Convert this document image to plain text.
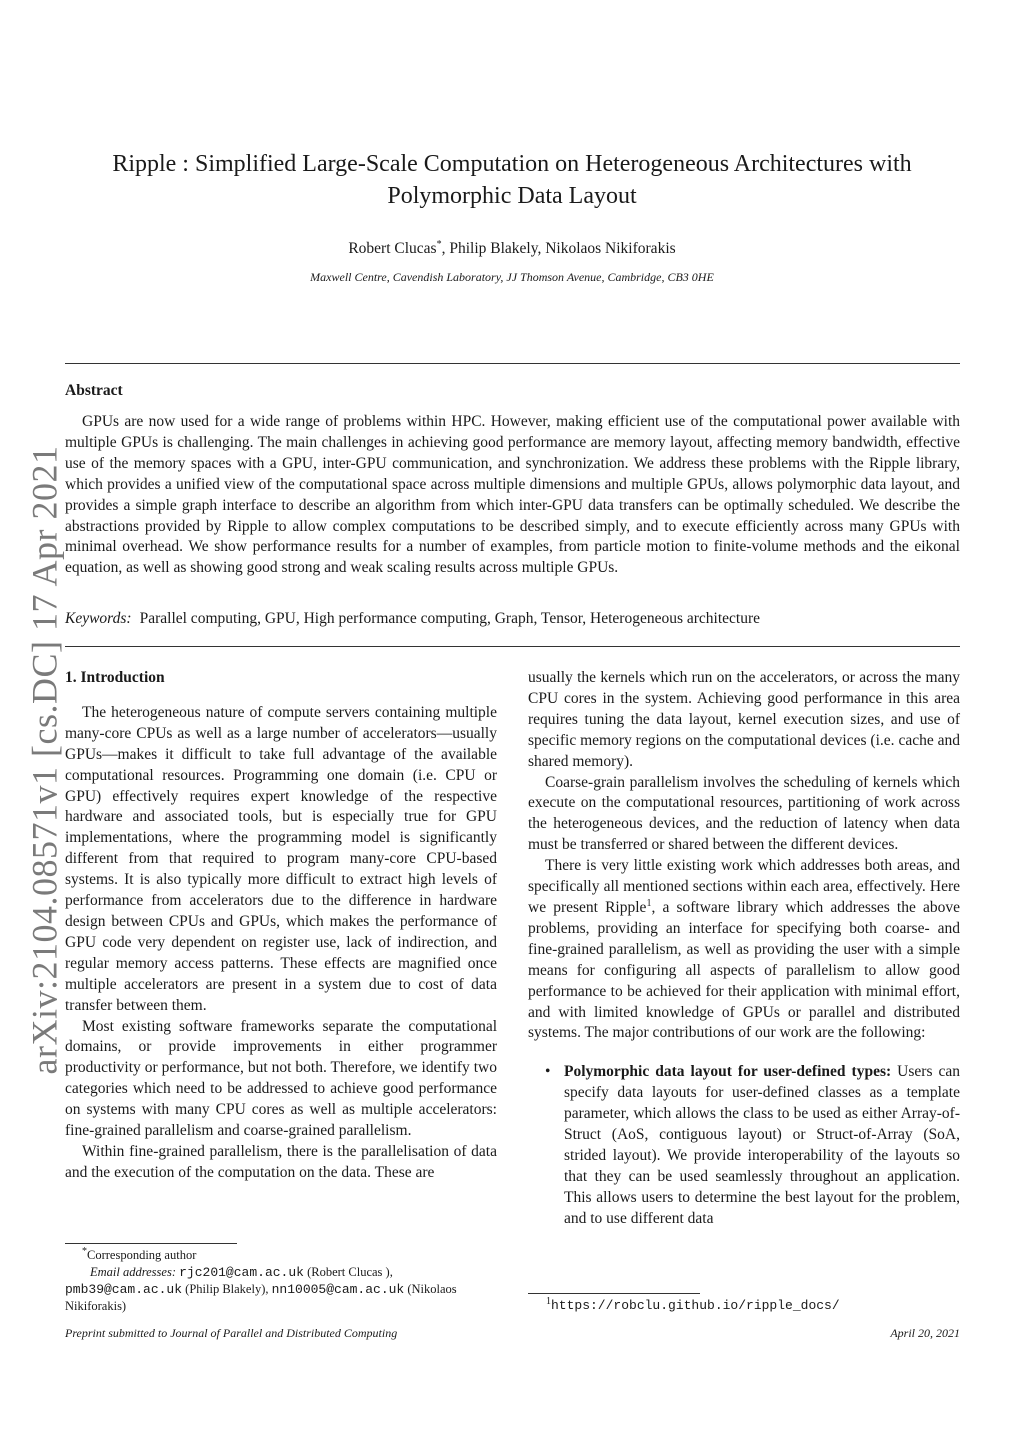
arXiv:2104.08571v1 [cs.DC] 17 Apr 2021
Ripple : Simplified Large-Scale Computation on Heterogeneous Architectures with
Polymorphic Data Layout
Robert Clucas*, Philip Blakely, Nikolaos Nikiforakis
Maxwell Centre, Cavendish Laboratory, JJ Thomson Avenue, Cambridge, CB3 0HE
Abstract
GPUs are now used for a wide range of problems within HPC. However, making efficient use of the computational power available with multiple GPUs is challenging. The main challenges in achieving good performance are memory layout, affecting memory bandwidth, effective use of the memory spaces with a GPU, inter-GPU communication, and synchronization. We address these problems with the Ripple library, which provides a unified view of the computational space across multiple dimensions and multiple GPUs, allows polymorphic data layout, and provides a simple graph interface to describe an algorithm from which inter-GPU data transfers can be optimally scheduled. We describe the abstractions provided by Ripple to allow complex computations to be described simply, and to execute efficiently across many GPUs with minimal overhead. We show performance results for a number of examples, from particle motion to finite-volume methods and the eikonal equation, as well as showing good strong and weak scaling results across multiple GPUs.
Keywords: Parallel computing, GPU, High performance computing, Graph, Tensor, Heterogeneous architecture

1. Introduction

The heterogeneous nature of compute servers containing multiple many-core CPUs as well as a large number of accelerators—usually GPUs—makes it difficult to take full advantage of the available computational resources. Programming one domain (i.e. CPU or GPU) effectively requires expert knowledge of the respective hardware and associated tools, but is especially true for GPU implementations, where the programming model is significantly different from that required to program many-core CPU-based systems. It is also typically more difficult to extract high levels of performance from accelerators due to the difference in hardware design between CPUs and GPUs, which makes the performance of GPU code very dependent on register use, lack of indirection, and regular memory access patterns. These effects are magnified once multiple accelerators are present in a system due to cost of data transfer between them.

Most existing software frameworks separate the computational domains, or provide improvements in either programmer productivity or performance, but not both. Therefore, we identify two categories which need to be addressed to achieve good performance on systems with many CPU cores as well as multiple accelerators: fine-grained parallelism and coarse-grained parallelism.

Within fine-grained parallelism, there is the parallelisation of data and the execution of the computation on the data. These are

usually the kernels which run on the accelerators, or across the many CPU cores in the system. Achieving good performance in this area requires tuning the data layout, kernel execution sizes, and use of specific memory regions on the computational devices (i.e. cache and shared memory).

Coarse-grain parallelism involves the scheduling of kernels which execute on the computational resources, partitioning of work across the heterogeneous devices, and the reduction of latency when data must be transferred or shared between the different devices.

There is very little existing work which addresses both areas, and specifically all mentioned sections within each area, effectively. Here we present Ripple$^1$, a software library which addresses the above problems, providing an interface for specifying both coarse- and fine-grained parallelism, as well as providing the user with a simple means for configuring all aspects of parallelism to allow good performance to be achieved for their application with minimal effort, and with limited knowledge of GPUs or parallel and distributed systems. The major contributions of our work are the following:

• Polymorphic data layout for user-defined types: Users can specify data layouts for user-defined classes as a template parameter, which allows the class to be used as either Array-of-Struct (AoS, contiguous layout) or Struct-of-Array (SoA, strided layout). We provide interoperability of the layouts so that they can be used seamlessly throughout an application. This allows users to determine the best layout for the problem, and to use different data
*Corresponding author
Email addresses: rjc201@cam.ac.uk (Robert Clucas ),
pmb39@cam.ac.uk (Philip Blakely), nn10005@cam.ac.uk (Nikolaos
Nikiforakis)	$^1$https://robclu.github.io/ripple_docs/
Preprint submitted to Journal of Parallel and Distributed Computing	April 20, 2021
